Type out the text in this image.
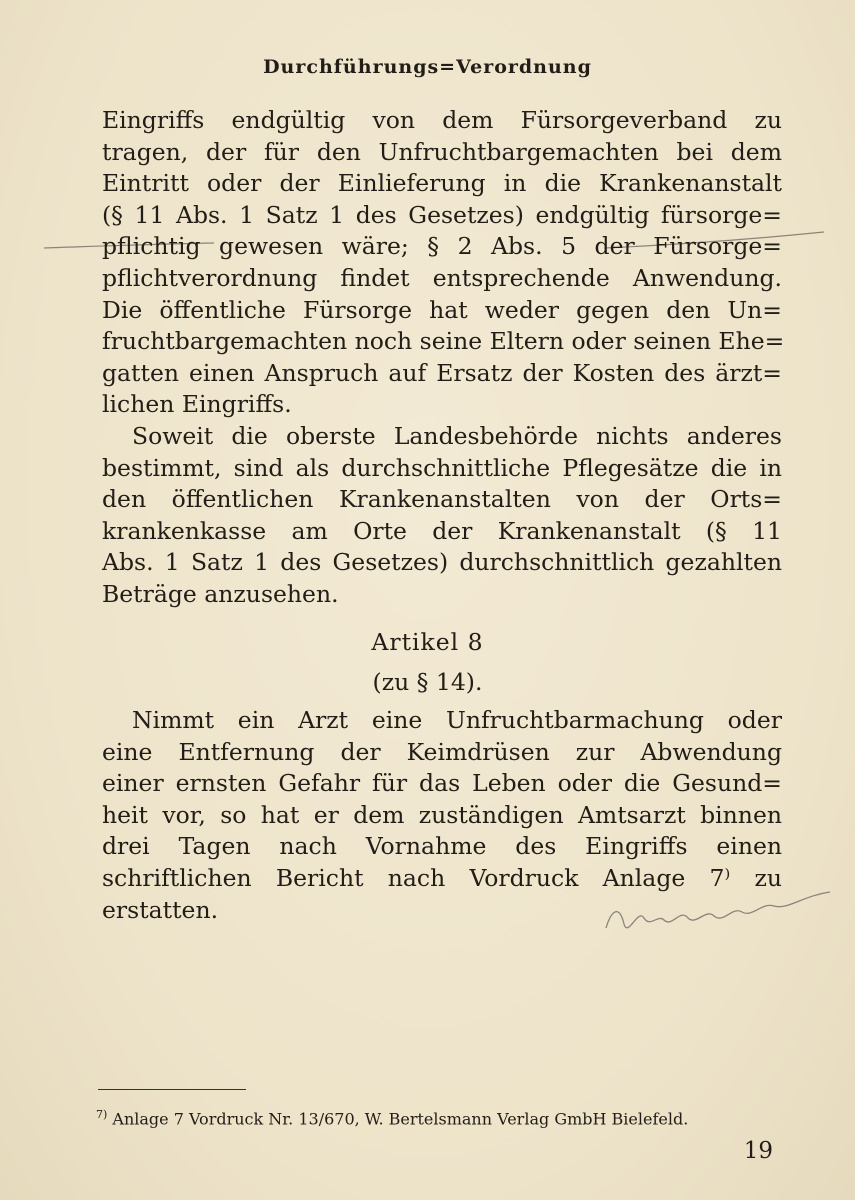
Durchführungs=Verordnung
Eingriffs endgültig von dem Fürsorgeverband zu
tragen, der für den Unfruchtbargemachten bei dem
Eintritt oder der Einlieferung in die Krankenanstalt
(§ 11 Abs. 1 Satz 1 des Gesetzes) endgültig fürsorge=
pflichtig gewesen wäre; § 2 Abs. 5 der Fürsorge=
pflichtverordnung findet entsprechende Anwendung.
Die öffentliche Fürsorge hat weder gegen den Un=
fruchtbargemachten noch seine Eltern oder seinen Ehe=
gatten einen Anspruch auf Ersatz der Kosten des ärzt=
lichen Eingriffs.
Soweit die oberste Landesbehörde nichts anderes
bestimmt, sind als durchschnittliche Pflegesätze die in
den öffentlichen Krankenanstalten von der Orts=
krankenkasse am Orte der Krankenanstalt (§ 11
Abs. 1 Satz 1 des Gesetzes) durchschnittlich gezahlten
Beträge anzusehen.
Artikel 8
(zu § 14).
Nimmt ein Arzt eine Unfruchtbarmachung oder
eine Entfernung der Keimdrüsen zur Abwendung
einer ernsten Gefahr für das Leben oder die Gesund=
heit vor, so hat er dem zuständigen Amtsarzt binnen
drei Tagen nach Vornahme des Eingriffs einen
schriftlichen Bericht nach Vordruck Anlage 7⁾ zu
erstatten.
$^{7)}$ Anlage 7 Vordruck Nr. 13/670, W. Bertelsmann Verlag GmbH Bielefeld.
19
